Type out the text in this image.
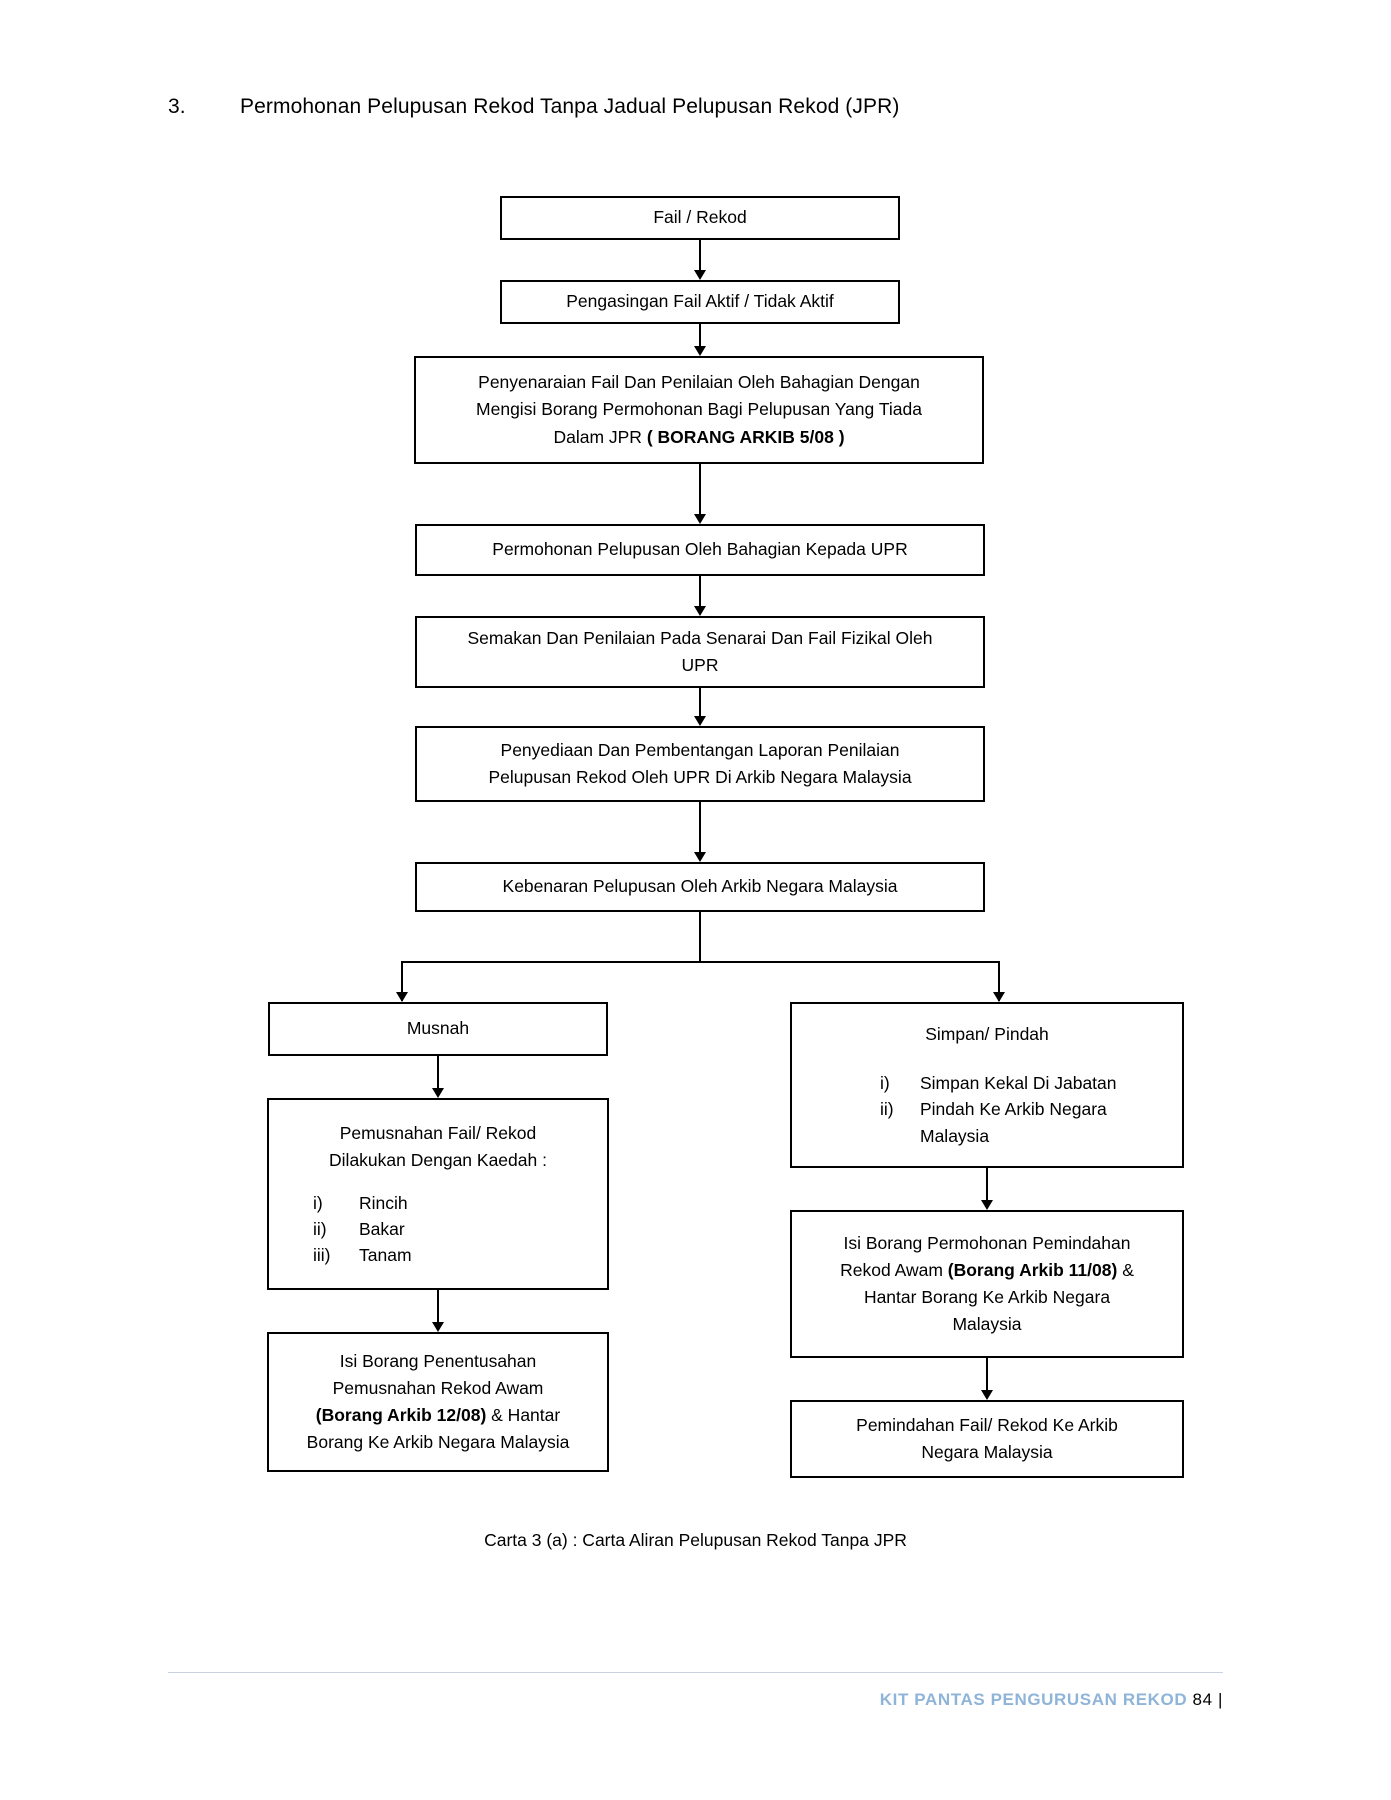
3.	Permohonan Pelupusan Rekod Tanpa Jadual Pelupusan Rekod (JPR)
Fail / Rekod
Pengasingan Fail Aktif / Tidak Aktif
Penyenaraian Fail Dan Penilaian Oleh Bahagian Dengan
Mengisi Borang Permohonan Bagi Pelupusan Yang Tiada
Dalam JPR ( BORANG ARKIB 5/08 )
Permohonan Pelupusan Oleh Bahagian Kepada UPR
Semakan Dan Penilaian Pada Senarai Dan Fail Fizikal Oleh
UPR
Penyediaan Dan Pembentangan Laporan Penilaian
Pelupusan Rekod Oleh UPR Di Arkib Negara Malaysia
Kebenaran Pelupusan Oleh Arkib Negara Malaysia
Musnah
Pemusnahan Fail/ Rekod
Dilakukan Dengan Kaedah :
i)	Rincih
ii)	Bakar
iii)	Tanam
Isi Borang Penentusahan
Pemusnahan Rekod Awam
(Borang Arkib 12/08) & Hantar
Borang Ke Arkib Negara Malaysia
Simpan/ Pindah
i)	Simpan Kekal Di Jabatan
ii)	Pindah Ke Arkib Negara
Malaysia
Isi Borang Permohonan Pemindahan
Rekod Awam (Borang Arkib 11/08) &
Hantar Borang Ke Arkib Negara
Malaysia
Pemindahan Fail/ Rekod Ke Arkib
Negara Malaysia
Carta 3 (a) : Carta Aliran Pelupusan Rekod Tanpa JPR
KIT PANTAS PENGURUSAN REKOD 84 |
